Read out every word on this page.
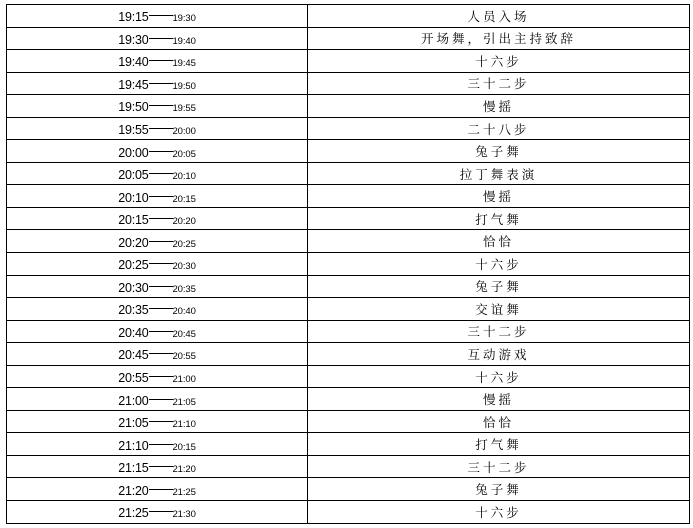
19:15 19:30	人员入场
19:30 19:40	开场舞，引出主持致辞
19:40 19:45	十六步
19:45 19:50	三十二步
19:50 19:55	慢摇
19:55 20:00	二十八步
20:00 20:05	兔子舞
20:05 20:10	拉丁舞表演
20:10 20:15	慢摇
20:15 20:20	打气舞
20:20 20:25	恰恰
20:25 20:30	十六步
20:30 20:35	兔子舞
20:35 20:40	交谊舞
20:40 20:45	三十二步
20:45 20:55	互动游戏
20:55 21:00	十六步
21:00 21:05	慢摇
21:05 21:10	恰恰
21:10 20:15	打气舞
21:15 21:20	三十二步
21:20 21:25	兔子舞
21:25 21:30	十六步
